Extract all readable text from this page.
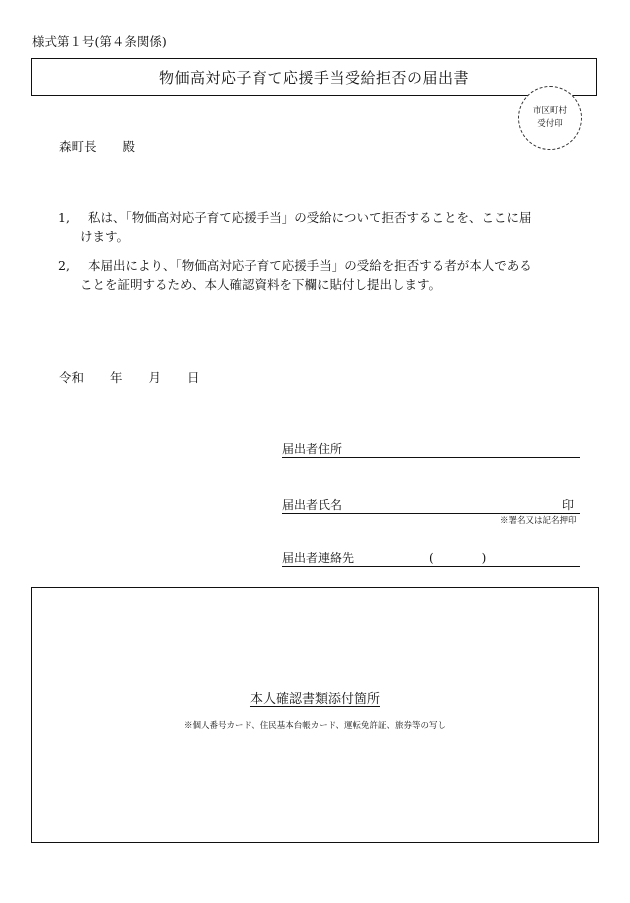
様式第１号(第４条関係)
物価高対応子育て応援手当受給拒否の届出書
市区町村
受付印
森町長 殿
1, 私は、「物価高対応子育て応援手当」の受給について拒否することを、ここに届
けます。
2, 本届出により、「物価高対応子育て応援手当」の受給を拒否する者が本人である
ことを証明するため、本人確認資料を下欄に貼付し提出します。
令和 年 月 日
届出者住所
届出者氏名	印
※署名又は記名押印
届出者連絡先	(　　　　)
本人確認書類添付箇所
※個人番号カード、住民基本台帳カード、運転免許証、旅券等の写し
